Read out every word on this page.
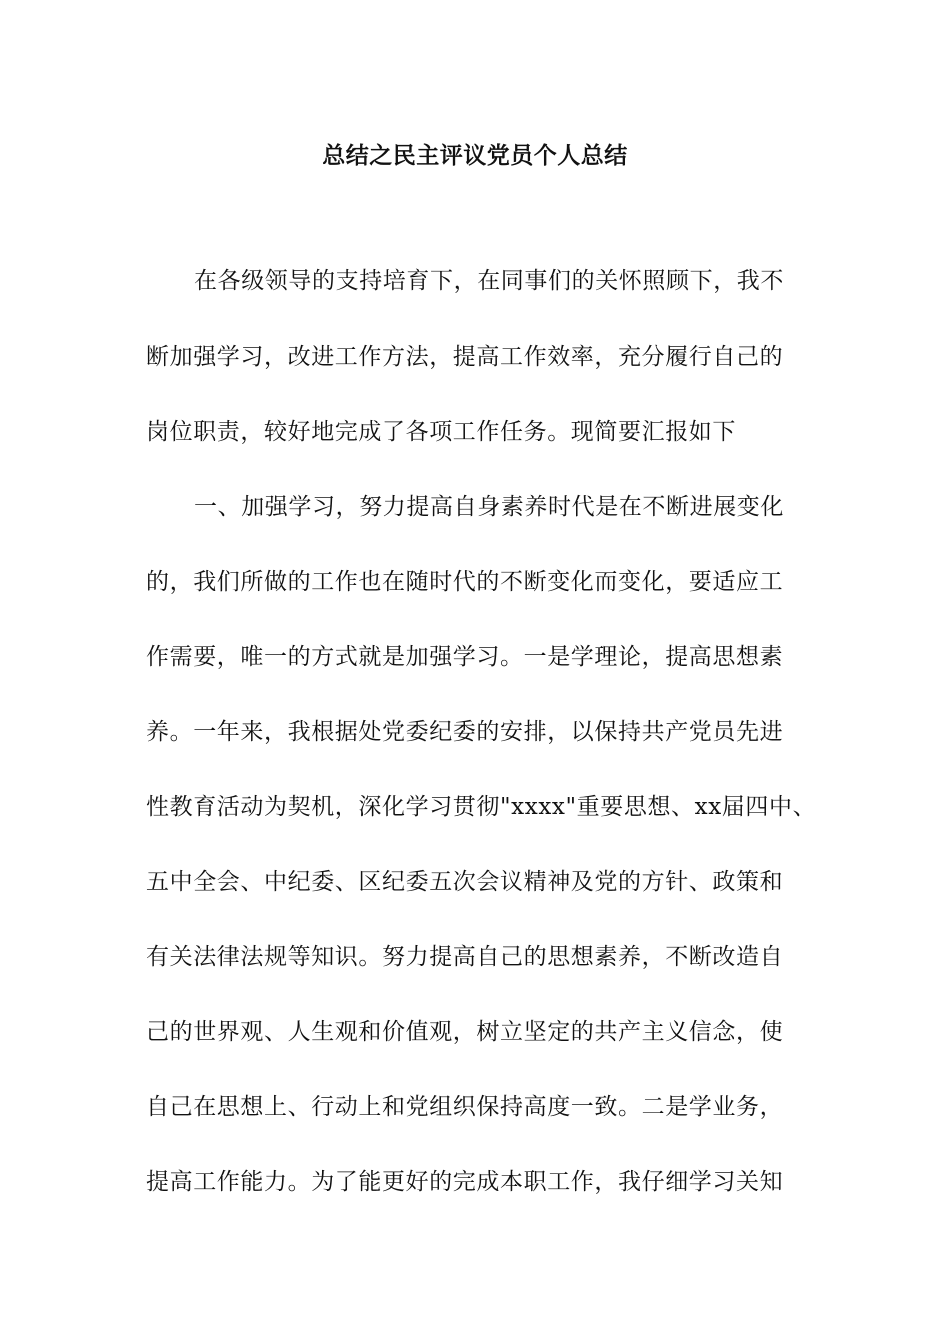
总结之民主评议党员个人总结
在各级领导的支持培育下，在同事们的关怀照顾下，我不
断加强学习，改进工作方法，提高工作效率，充分履行自己的
岗位职责，较好地完成了各项工作任务。现简要汇报如下
一、加强学习，努力提高自身素养时代是在不断进展变化
的，我们所做的工作也在随时代的不断变化而变化，要适应工
作需要，唯一的方式就是加强学习。一是学理论，提高思想素
养。一年来，我根据处党委纪委的安排，以保持共产党员先进
性教育活动为契机，深化学习贯彻"xxxx"重要思想、xx届四中、
五中全会、中纪委、区纪委五次会议精神及党的方针、政策和
有关法律法规等知识。努力提高自己的思想素养，不断改造自
己的世界观、人生观和价值观，树立坚定的共产主义信念，使
自己在思想上、行动上和党组织保持高度一致。二是学业务，
提高工作能力。为了能更好的完成本职工作，我仔细学习关知
